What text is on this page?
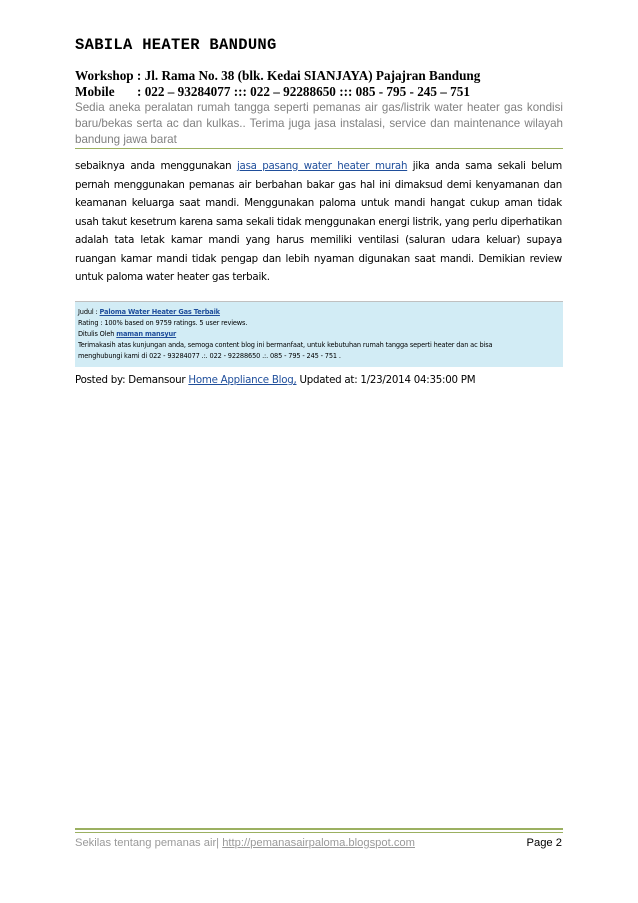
SABILA HEATER BANDUNG
Workshop : Jl. Rama No. 38 (blk. Kedai SIANJAYA) Pajajran Bandung
Mobile : 022 – 93284077 ::: 022 – 92288650 ::: 085 - 795 - 245 – 751
Sedia aneka peralatan rumah tangga seperti pemanas air gas/listrik water heater gas kondisi baru/bekas serta ac dan kulkas.. Terima juga jasa instalasi, service dan maintenance wilayah bandung jawa barat
sebaiknya anda menggunakan jasa pasang water heater murah jika anda sama sekali belum pernah menggunakan pemanas air berbahan bakar gas hal ini dimaksud demi kenyamanan dan keamanan keluarga saat mandi. Menggunakan paloma untuk mandi hangat cukup aman tidak usah takut kesetrum karena sama sekali tidak menggunakan energi listrik, yang perlu diperhatikan adalah tata letak kamar mandi yang harus memiliki ventilasi (saluran udara keluar) supaya ruangan kamar mandi tidak pengap dan lebih nyaman digunakan saat mandi. Demikian review untuk paloma water heater gas terbaik.
Judul : Paloma Water Heater Gas Terbaik
Rating : 100% based on 9759 ratings. 5 user reviews.
Ditulis Oleh maman mansyur
Terimakasih atas kunjungan anda, semoga content blog ini bermanfaat, untuk kebutuhan rumah tangga seperti heater dan ac bisa
menghubungi kami di 022 - 93284077 .:. 022 - 92288650 .:. 085 - 795 - 245 - 751 .
Posted by: Demansour Home Appliance Blog, Updated at: 1/23/2014 04:35:00 PM
Sekilas tentang pemanas air| http://pemanasairpaloma.blogspot.com	Page 2
